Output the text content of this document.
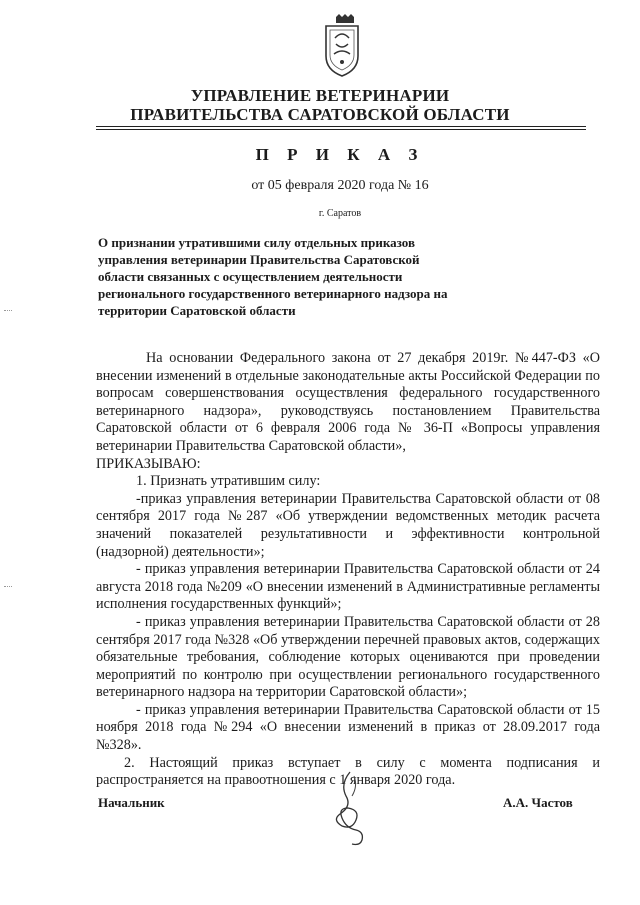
УПРАВЛЕНИЕ ВЕТЕРИНАРИИ
ПРАВИТЕЛЬСТВА САРАТОВСКОЙ ОБЛАСТИ
П Р И К А З
от 05 февраля 2020 года № 16
г. Саратов
О признании утратившими силу отдельных приказов управления ветеринарии Правительства Саратовской области связанных с осуществлением деятельности регионального государственного ветеринарного надзора на территории Саратовской области
На основании Федерального закона от 27 декабря 2019г. №447-ФЗ «О внесении изменений в отдельные законодательные акты Российской Федерации по вопросам совершенствования осуществления федерального государственного ветеринарного надзора», руководствуясь постановлением Правительства Саратовской области от 6 февраля 2006 года № 36-П «Вопросы управления ветеринарии Правительства Саратовской области»,
ПРИКАЗЫВАЮ:
1. Признать утратившим силу:
-приказ управления ветеринарии Правительства Саратовской области от 08 сентября 2017 года №287 «Об утверждении ведомственных методик расчета значений показателей результативности и эффективности контрольной (надзорной) деятельности»;
- приказ управления ветеринарии Правительства Саратовской области от 24 августа 2018 года №209 «О внесении изменений в Административные регламенты исполнения государственных функций»;
- приказ управления ветеринарии Правительства Саратовской области от 28 сентября 2017 года №328 «Об утверждении перечней правовых актов, содержащих обязательные требования, соблюдение которых оцениваются при проведении мероприятий по контролю при осуществлении регионального государственного ветеринарного надзора на территории Саратовской области»;
- приказ управления ветеринарии Правительства Саратовской области от 15 ноября 2018 года №294 «О внесении изменений в приказ от 28.09.2017 года №328».
2. Настоящий приказ вступает в силу с момента подписания и распространяется на правоотношения с 1 января 2020 года.
Начальник	А.А. Частов
